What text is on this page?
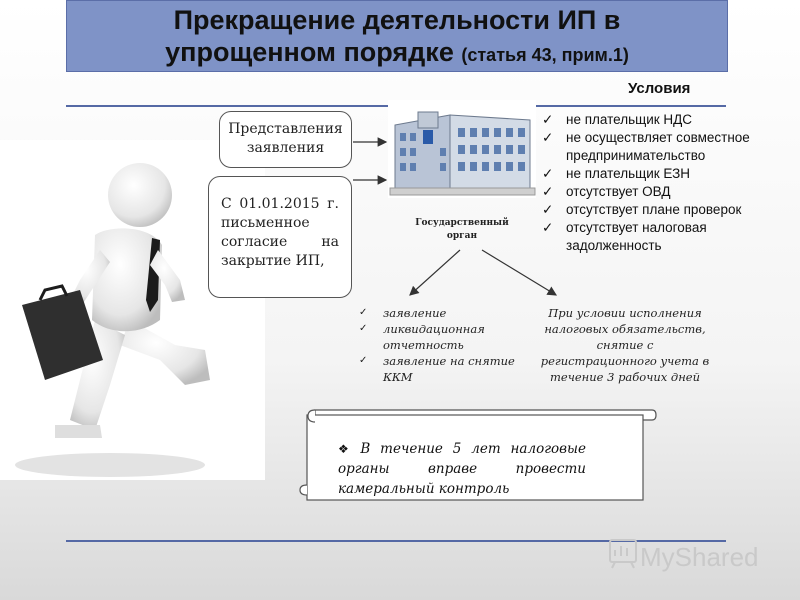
Прекращение деятельности ИП в
упрощенном порядке (статья 43, прим.1)
Представления заявления
С 01.01.2015 г. письменное согласие на закрытие ИП,
Условия
✓ не плательщик НДС
✓ не осуществляет совместное предпринимательство
✓ не плательщик ЕЗН
✓ отсутствует ОВД
✓ отсутствует плане проверок
✓ отсутствует налоговая задолженность
Государственный орган
✓ заявление
✓ ликвидационная отчетность
✓ заявление на снятие ККМ
При условии исполнения налоговых обязательств, снятие с регистрационного учета в течение 3 рабочих дней
❖ В течение 5 лет налоговые органы вправе провести камеральный контроль
MyShared
